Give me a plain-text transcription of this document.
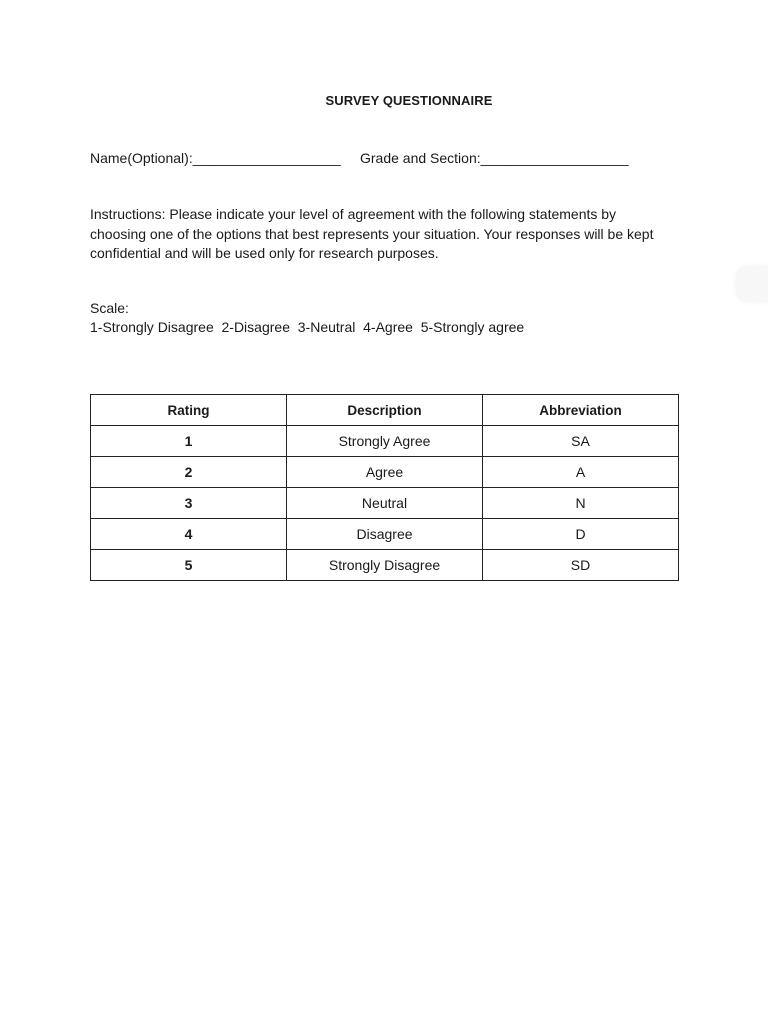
SURVEY QUESTIONNAIRE
Name(Optional):___________________ Grade and Section:___________________
Instructions: Please indicate your level of agreement with the following statements by choosing one of the options that best represents your situation. Your responses will be kept confidential and will be used only for research purposes.
Scale:
1-Strongly Disagree  2-Disagree  3-Neutral  4-Agree  5-Strongly agree
Rating	Description	Abbreviation
1	Strongly Agree	SA
2	Agree	A
3	Neutral	N
4	Disagree	D
5	Strongly Disagree	SD
